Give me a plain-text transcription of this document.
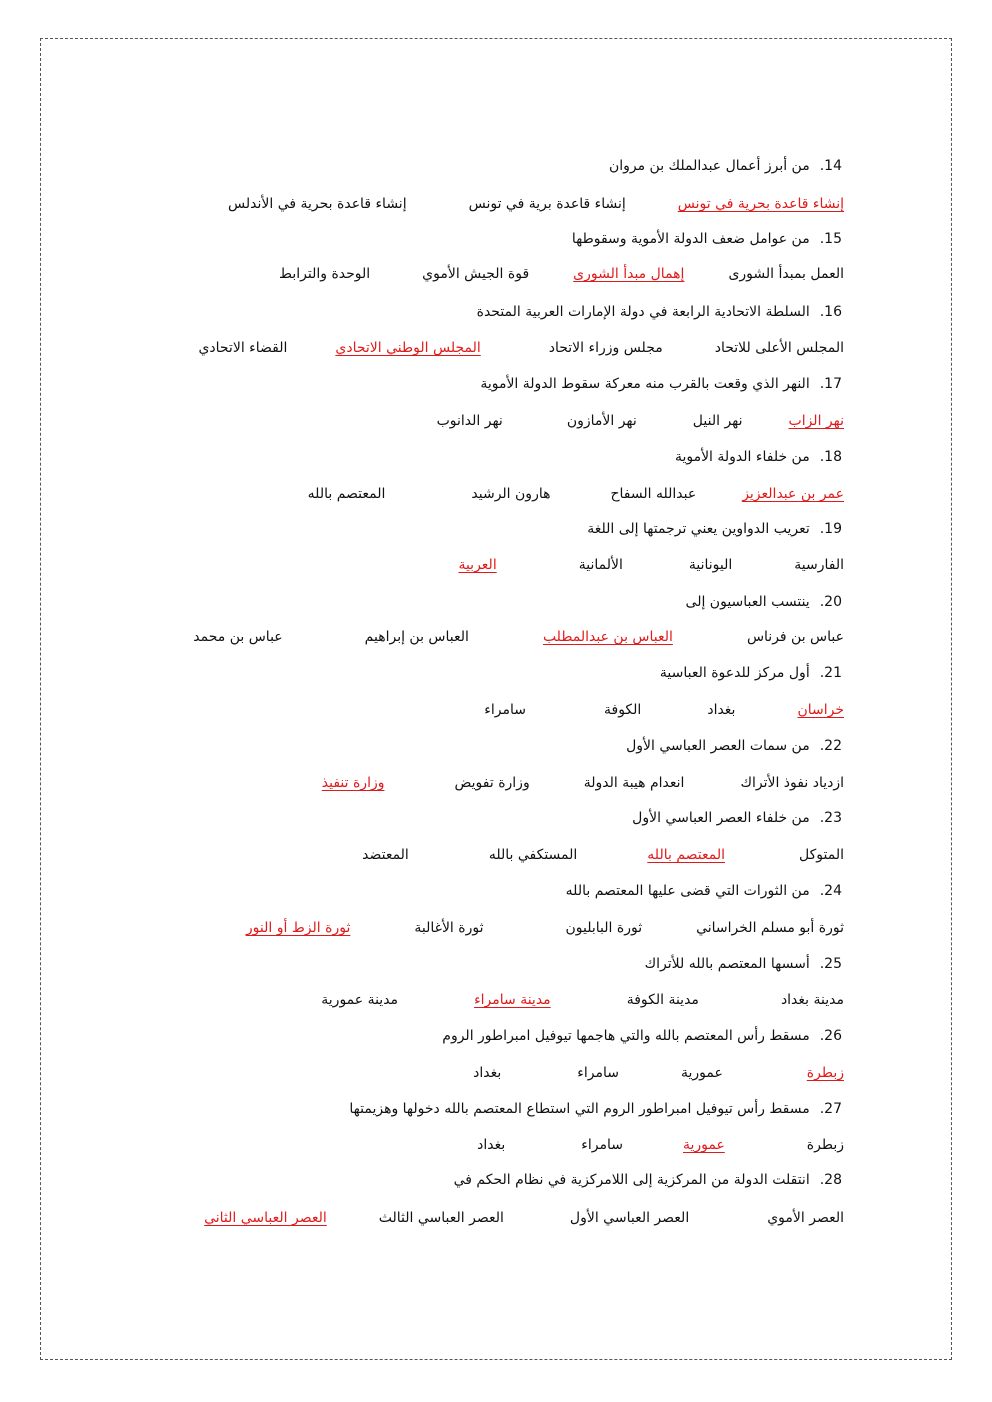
14.من أبرز أعمال عبدالملك بن مروان
إنشاء قاعدة بحرية في تونس
إنشاء قاعدة برية في تونس
إنشاء قاعدة بحرية في الأندلس
15.من عوامل ضعف الدولة الأموية وسقوطها
العمل بمبدأ الشورى
إهمال مبدأ الشورى
قوة الجيش الأموي
الوحدة والترابط
16.السلطة الاتحادية الرابعة في دولة الإمارات العربية المتحدة
المجلس الأعلى للاتحاد
مجلس وزراء الاتحاد
المجلس الوطني الاتحادي
القضاء الاتحادي
17.النهر الذي وقعت بالقرب منه معركة سقوط الدولة الأموية
نهر الزاب
نهر النيل
نهر الأمازون
نهر الدانوب
18.من خلفاء الدولة الأموية
عمر بن عبدالعزيز
عبدالله السفاح
هارون الرشيد
المعتصم بالله
19.تعريب الدواوين يعني ترجمتها إلى اللغة
الفارسية
اليونانية
الألمانية
العربية
20.ينتسب العباسيون إلى
عباس بن فرناس
العباس بن عبدالمطلب
العباس بن إبراهيم
عباس بن محمد
21.أول مركز للدعوة العباسية
خراسان
بغداد
الكوفة
سامراء
22.من سمات العصر العباسي الأول
ازدياد نفوذ الأتراك
انعدام هيبة الدولة
وزارة تفويض
وزارة تنفيذ
23.من خلفاء العصر العباسي الأول
المتوكل
المعتصم بالله
المستكفي بالله
المعتضد
24.من الثورات التي قضى عليها المعتصم بالله
ثورة أبو مسلم الخراساني
ثورة البابليون
ثورة الأغالبة
ثورة الزط أو النور
25.أسسها المعتصم بالله للأتراك
مدينة بغداد
مدينة الكوفة
مدينة سامراء
مدينة عمورية
26.مسقط رأس المعتصم بالله والتي هاجمها تيوفيل امبراطور الروم
زبطرة
عمورية
سامراء
بغداد
27.مسقط رأس تيوفيل امبراطور الروم التي استطاع المعتصم بالله دخولها وهزيمتها
زبطرة
عمورية
سامراء
بغداد
28.انتقلت الدولة من المركزية إلى اللامركزية في نظام الحكم في
العصر الأموي
العصر العباسي الأول
العصر العباسي الثالث
العصر العباسي الثاني
